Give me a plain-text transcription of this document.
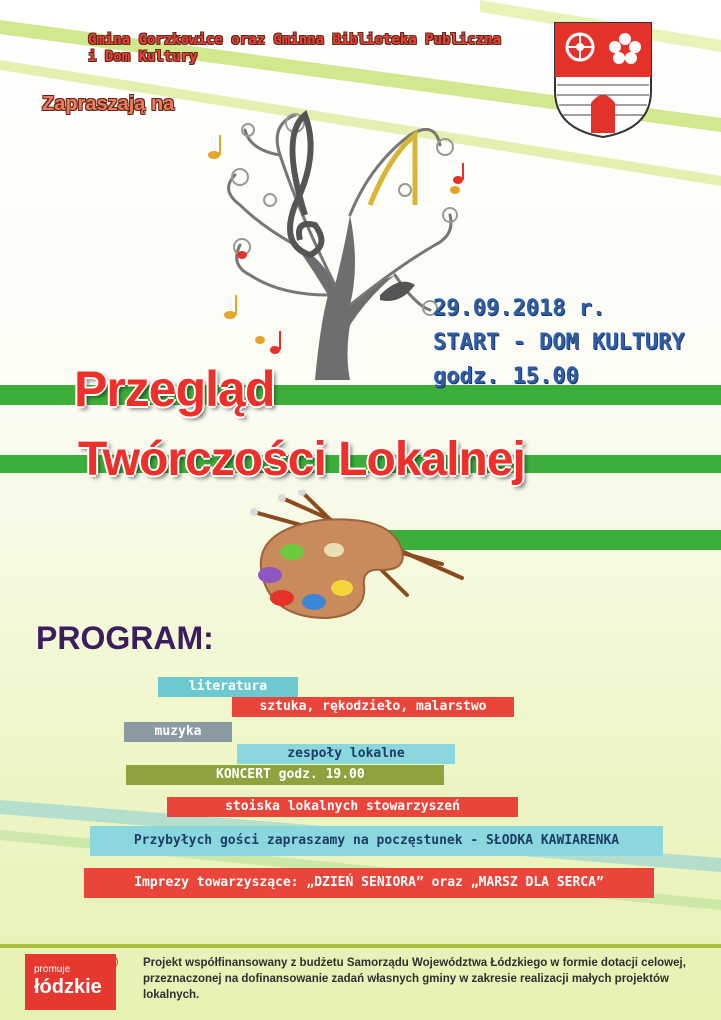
Gmina Gorzkowice oraz Gminna Biblioteka Publiczna
i Dom Kultury
Zapraszają na
29.09.2018 r.
START - DOM KULTURY
godz. 15.00
Przegląd
Twórczości Lokalnej
PROGRAM:
literatura
sztuka, rękodzieło, malarstwo
muzyka
zespoły lokalne
KONCERT godz. 19.00
stoiska lokalnych stowarzyszeń
Przybyłych gości zapraszamy na poczęstunek - SŁODKA KAWIARENKA
Imprezy towarzyszące: „DZIEŃ SENIORA” oraz „MARSZ DLA SERCA”
promuje
łódzkie
Ł	Projekt współfinansowany z budżetu Samorządu Województwa Łódzkiego w formie dotacji celowej, przeznaczonej na dofinansowanie zadań własnych gminy w zakresie realizacji małych projektów lokalnych.
